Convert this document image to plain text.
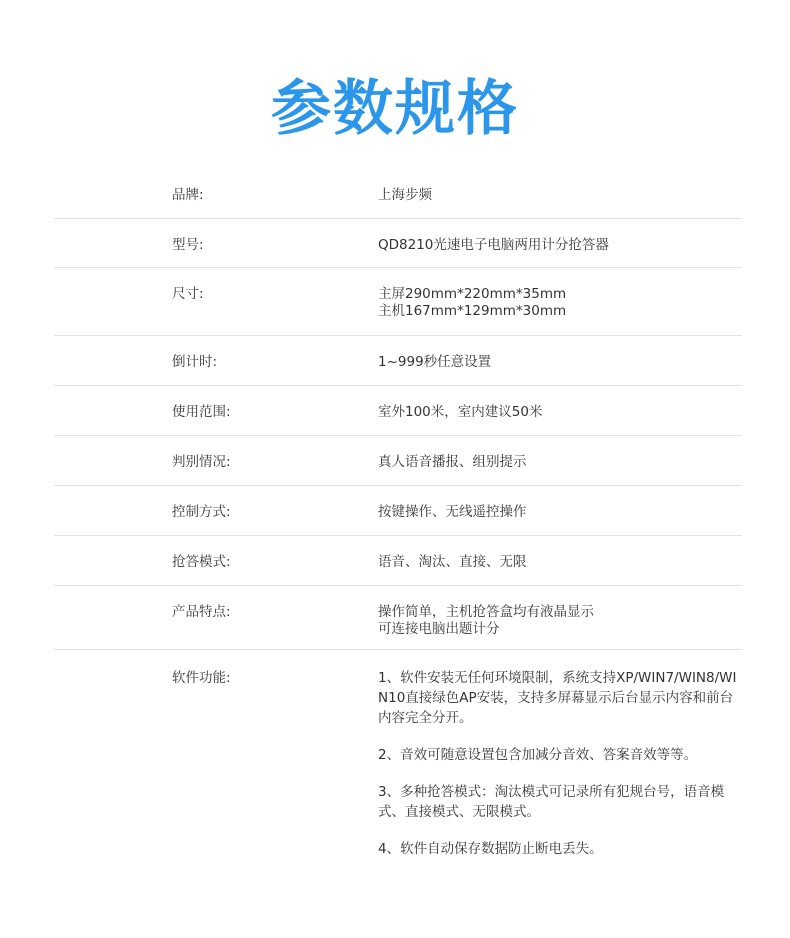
参数规格
品牌:	上海步频
型号:	QD8210光速电子电脑两用计分抢答器
尺寸:	主屏290mm*220mm*35mm
主机167mm*129mm*30mm
倒计时:	1~999秒任意设置
使用范围:	室外100米，室内建议50米
判别情况:	真人语音播报、组别提示
控制方式:	按键操作、无线遥控操作
抢答模式:	语音、淘汰、直接、无限
产品特点:	操作简单，主机抢答盒均有液晶显示
可连接电脑出题计分
软件功能:	1、软件安装无任何环境限制，系统支持XP/WIN7/WIN8/WIN10直接绿色AP安装，支持多屏幕显示后台显示内容和前台内容完全分开。
2、音效可随意设置包含加减分音效、答案音效等等。
3、多种抢答模式：淘汰模式可记录所有犯规台号，语音模式、直接模式、无限模式。
4、软件自动保存数据防止断电丢失。
